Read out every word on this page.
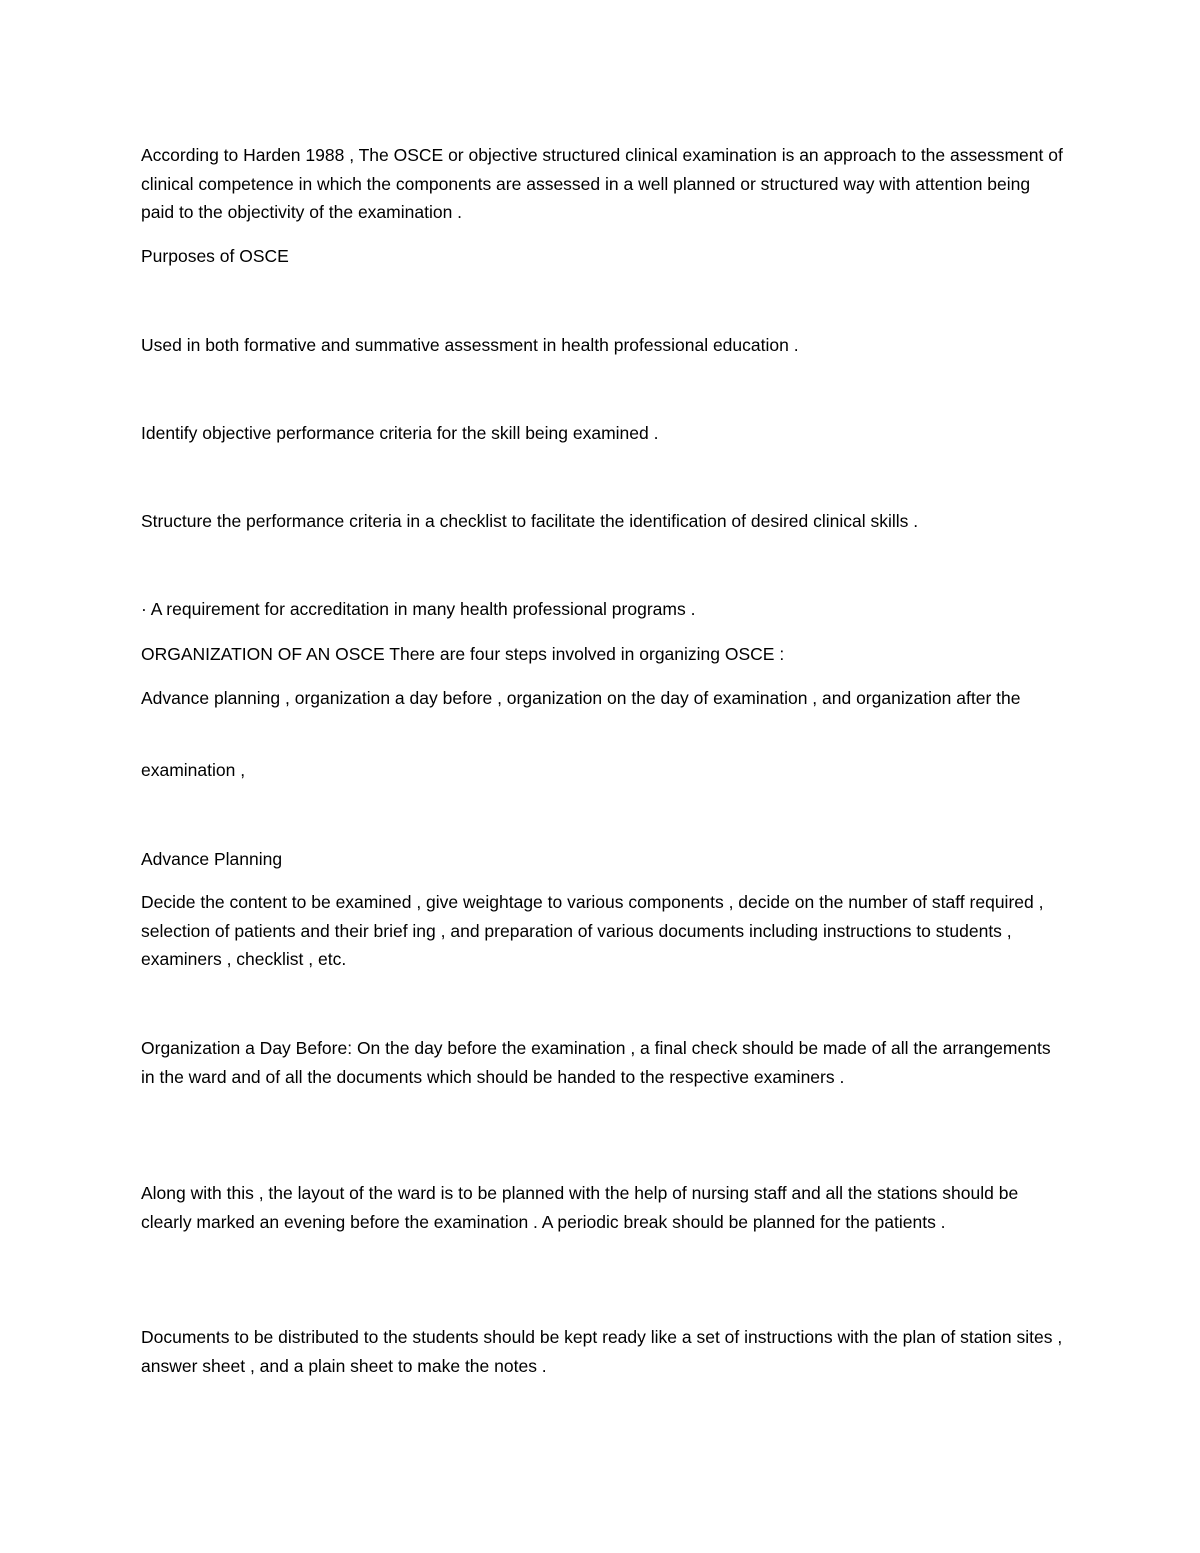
According to Harden 1988 , The OSCE or objective structured clinical examination is an approach to the assessment of clinical competence in which the components are assessed in a well planned or structured way with attention being paid to the objectivity of the examination .

Purposes of OSCE

Used in both formative and summative assessment in health professional education .

Identify objective performance criteria for the skill being examined .

Structure the performance criteria in a checklist to facilitate the identification of desired clinical skills .

· A requirement for accreditation in many health professional programs .

ORGANIZATION OF AN OSCE There are four steps involved in organizing OSCE :

Advance planning , organization a day before , organization on the day of examination , and organization after the

examination ,

Advance Planning

Decide the content to be examined , give weightage to various components , decide on the number of staff required , selection of patients and their brief ing , and preparation of various documents including instructions to students , examiners , checklist , etc.

Organization a Day Before: On the day before the examination , a final check should be made of all the arrangements in the ward and of all the documents which should be handed to the respective examiners .

Along with this , the layout of the ward is to be planned with the help of nursing staff and all the stations should be clearly marked an evening before the examination . A periodic break should be planned for the patients .

Documents to be distributed to the students should be kept ready like a set of instructions with the plan of station sites , answer sheet , and a plain sheet to make the notes .
